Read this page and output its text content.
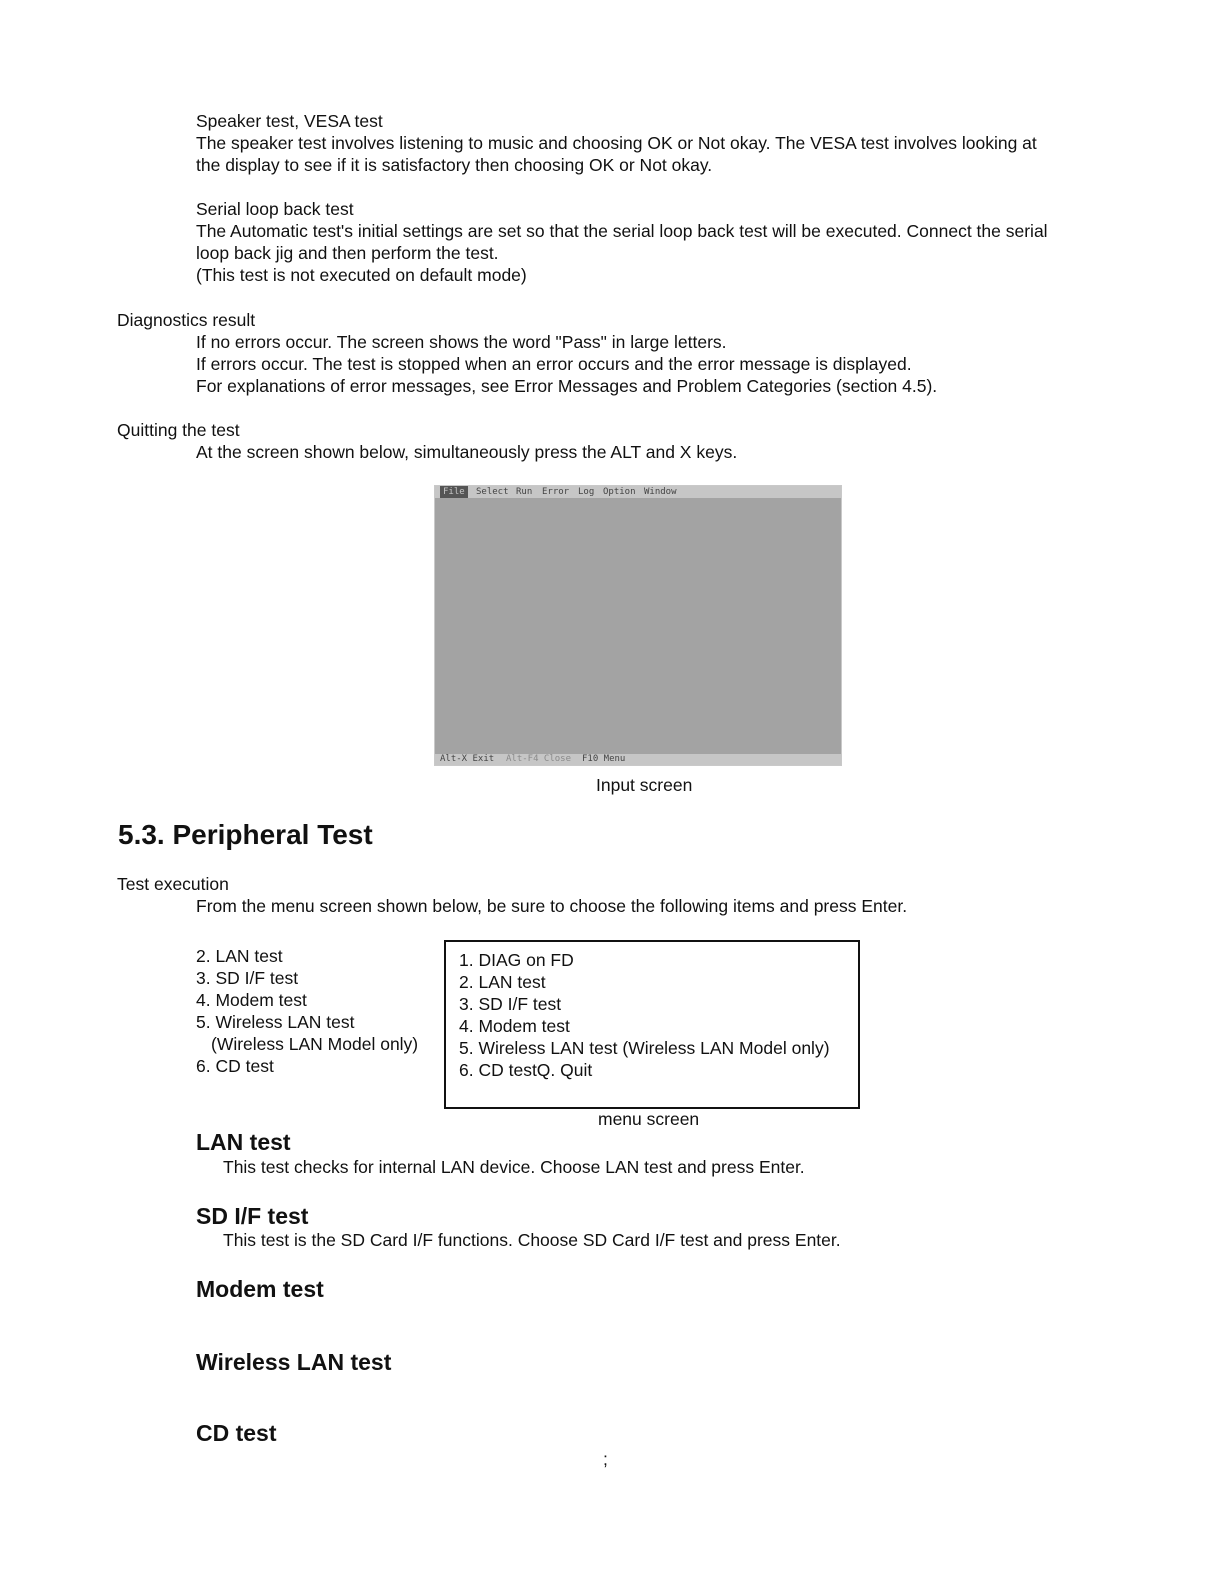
Speaker test, VESA test
The speaker test involves listening to music and choosing OK or Not okay. The VESA test involves looking at
the display to see if it is satisfactory then choosing OK or Not okay.
Serial loop back test
The Automatic test's initial settings are set so that the serial loop back test will be executed. Connect the serial
loop back jig and then perform the test.
(This test is not executed on default mode)
Diagnostics result
If no errors occur. The screen shows the word "Pass" in large letters.
If errors occur. The test is stopped when an error occurs and the error message is displayed.
For explanations of error messages, see Error Messages and Problem Categories (section 4.5).
Quitting the test
At the screen shown below, simultaneously press the ALT and X keys.
File	Select Run Error Log Option Window
Alt-X Exit Alt-F4 Close F10 Menu
Input screen
5.3. Peripheral Test
Test execution
From the menu screen shown below, be sure to choose the following items and press Enter.
2. LAN test
3. SD I/F test
4. Modem test
5. Wireless LAN test
(Wireless LAN Model only)
6. CD test
1. DIAG on FD
2. LAN test
3. SD I/F test
4. Modem test
5. Wireless LAN test (Wireless LAN Model only)
6. CD testQ. Quit
menu screen
LAN test
This test checks for internal LAN device. Choose LAN test and press Enter.
SD I/F test
This test is the SD Card I/F functions. Choose SD Card I/F test and press Enter.
Modem test
Wireless LAN test
CD test
;
